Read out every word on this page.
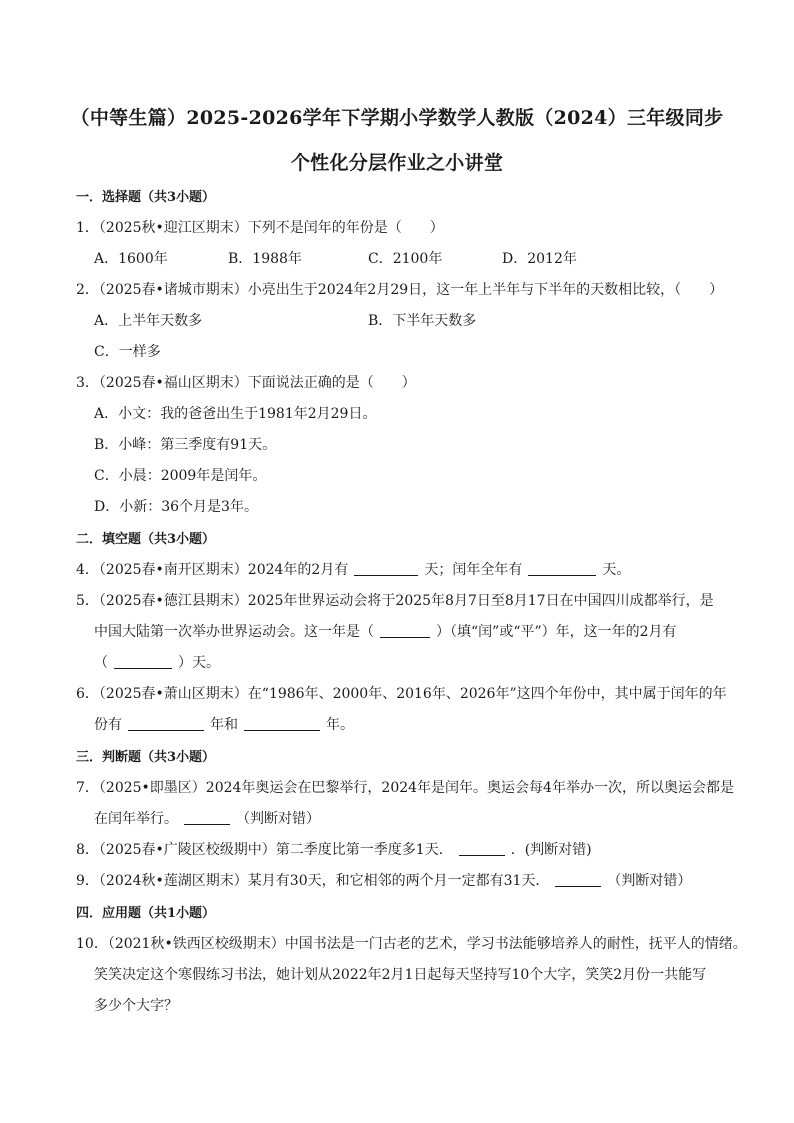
（中等生篇）2025-2026学年下学期小学数学人教版（2024）三年级同步
个性化分层作业之小讲堂
一．选择题（共3小题）
1．（2025秋•迎江区期末）下列不是闰年的年份是（　　）
A．1600年	B．1988年	C．2100年	D．2012年
2．（2025春•诸城市期末）小亮出生于2024年2月29日，这一年上半年与下半年的天数相比较，（　　）
A．上半年天数多	B．下半年天数多
C．一样多
3．（2025春•福山区期末）下面说法正确的是（　　）
A．小文：我的爸爸出生于1981年2月29日。
B．小峰：第三季度有91天。
C．小晨：2009年是闰年。
D．小新：36个月是3年。
二．填空题（共3小题）
4．（2025春•南开区期末）2024年的2月有	天；闰年全年有	天。
5．（2025春•德江县期末）2025年世界运动会将于2025年8月7日至8月17日在中国四川成都举行，是
中国大陆第一次举办世界运动会。这一年是（	）（填“闰”或“平”）年，这一年的2月有
（	）天。
6．（2025春•萧山区期末）在“1986年、2000年、2016年、2026年”这四个年份中，其中属于闰年的年
份有	年和	年。
三．判断题（共3小题）
7．（2025•即墨区）2024年奥运会在巴黎举行，2024年是闰年。奥运会每4年举办一次，所以奥运会都是
在闰年举行。	（判断对错）
8．（2025春•广陵区校级期中）第二季度比第一季度多1天．	．(判断对错)
9．（2024秋•莲湖区期末）某月有30天，和它相邻的两个月一定都有31天．	（判断对错）
四．应用题（共1小题）
10．（2021秋•铁西区校级期末）中国书法是一门古老的艺术，学习书法能够培养人的耐性，抚平人的情绪。
笑笑决定这个寒假练习书法，她计划从2022年2月1日起每天坚持写10个大字，笑笑2月份一共能写
多少个大字？
